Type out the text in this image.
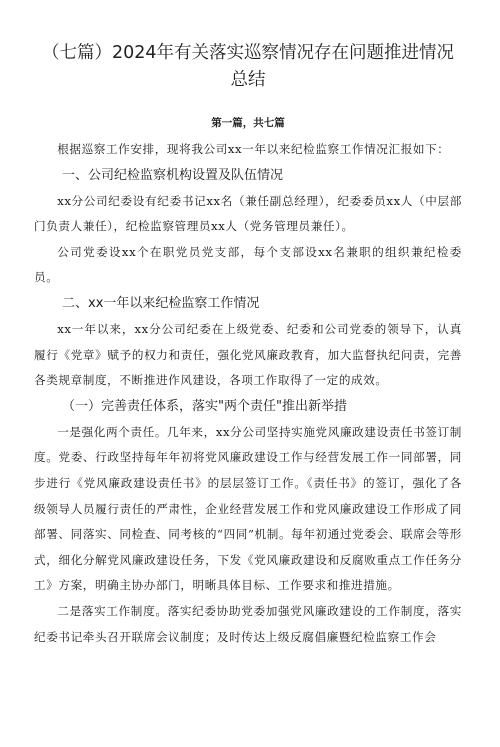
（七篇）2024年有关落实巡察情况存在问题推进情况
总结
第一篇，共七篇

根据巡察工作安排，现将我公司xx一年以来纪检监察工作情况汇报如下：

一、公司纪检监察机构设置及队伍情况

xx分公司纪委设有纪委书记xx名（兼任副总经理），纪委委员xx人（中层部门负责人兼任），纪检监察管理员xx人（党务管理员兼任）。

公司党委设xx个在职党员党支部，每个支部设xx名兼职的组织兼纪检委员。

二、xx一年以来纪检监察工作情况

xx一年以来，xx分公司纪委在上级党委、纪委和公司党委的领导下，认真履行《党章》赋予的权力和责任，强化党风廉政教育，加大监督执纪问责，完善各类规章制度，不断推进作风建设，各项工作取得了一定的成效。

（一）完善责任体系，落实"两个责任"推出新举措

一是强化两个责任。几年来，xx分公司坚持实施党风廉政建设责任书签订制度。党委、行政坚持每年年初将党风廉政建设工作与经营发展工作一同部署，同步进行《党风廉政建设责任书》的层层签订工作。《责任书》的签订，强化了各级领导人员履行责任的严肃性，企业经营发展工作和党风廉政建设工作形成了同部署、同落实、同检查、同考核的“四同”机制。每年初通过党委会、联席会等形式，细化分解党风廉政建设任务，下发《党风廉政建设和反腐败重点工作任务分工》方案，明确主协办部门，明晰具体目标、工作要求和推进措施。

二是落实工作制度。落实纪委协助党委加强党风廉政建设的工作制度，落实纪委书记牵头召开联席会议制度；及时传达上级反腐倡廉暨纪检监察工作会
